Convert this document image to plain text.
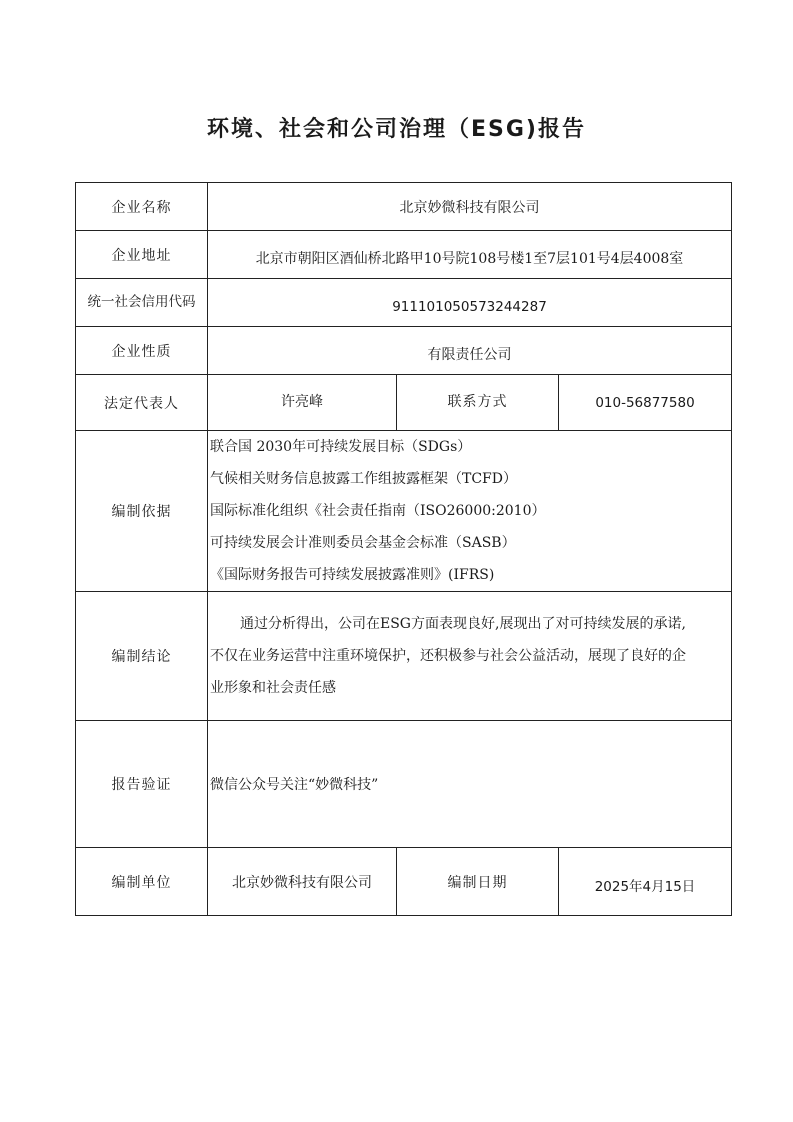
环境、社会和公司治理（ESG)报告
企业名称	北京妙微科技有限公司		
企业地址	北京市朝阳区酒仙桥北路甲10号院108号楼1至7层101号4层4008室		
统一社会信用代码	911101050573244287		
企业性质	有限责任公司		
法定代表人	许亮峰	联系方式	010-56877580
编制依据	联合国 2030年可持续发展目标（SDGs）
气候相关财务信息披露工作组披露框架（TCFD）
国际标准化组织《社会责任指南（ISO26000:2010）
可持续发展会计准则委员会基金会标准（SASB）
《国际财务报告可持续发展披露准则》(IFRS)		

编制结论	通过分析得出，公司在ESG方面表现良好,展现出了对可持续发展的承诺,
不仅在业务运营中注重环境保护，还积极参与社会公益活动，展现了良好的企
业形象和社会责任感		

报告验证	微信公众号关注“妙微科技”		
编制单位	北京妙微科技有限公司	编制日期	2025年4月15日
